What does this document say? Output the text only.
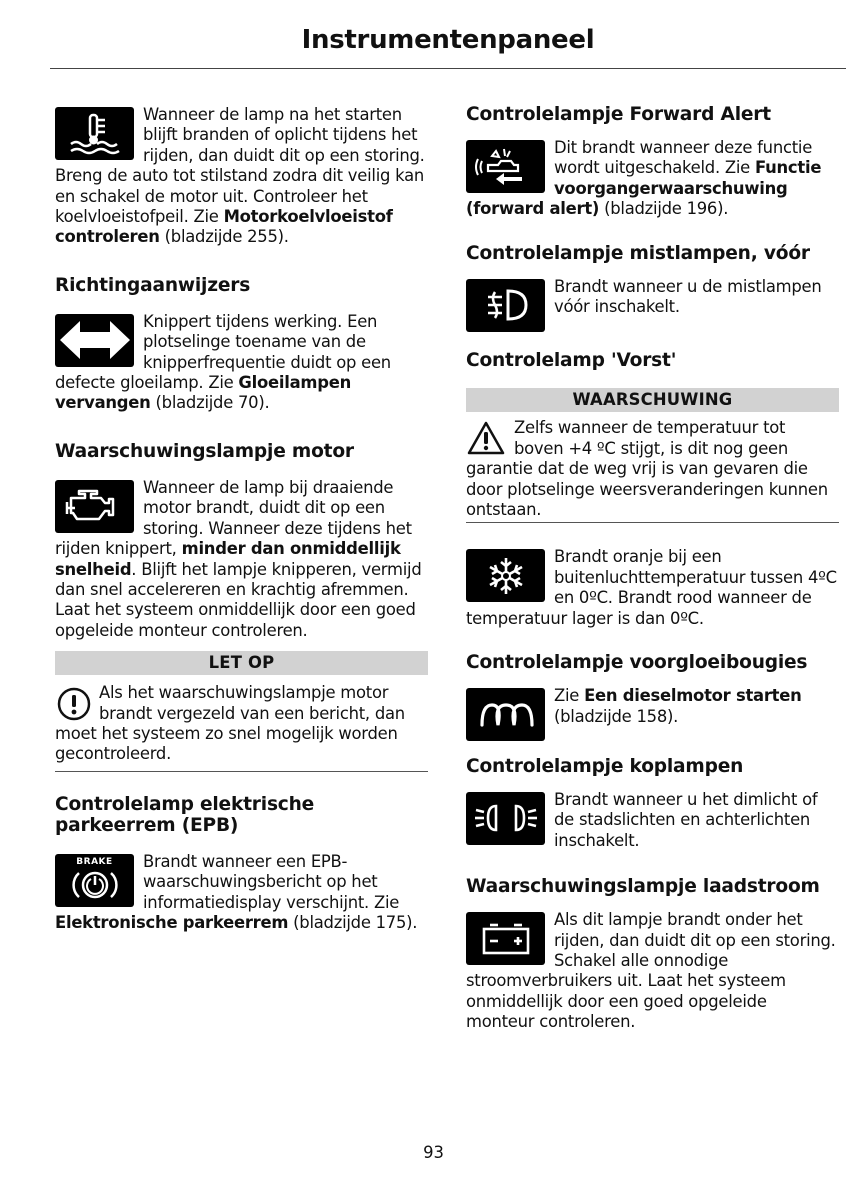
Instrumentenpaneel

Wanneer de lamp na het starten blijft branden of oplicht tijdens het rijden, dan duidt dit op een storing. Breng de auto tot stilstand zodra dit veilig kan en schakel de motor uit. Controleer het koelvloeistofpeil. Zie Motorkoelvloeistof controleren (bladzijde 255).

Richtingaanwijzers

Knippert tijdens werking. Een plotselinge toename van de knipperfrequentie duidt op een defecte gloeilamp. Zie Gloeilampen vervangen (bladzijde 70).

Waarschuwingslampje motor

Wanneer de lamp bij draaiende motor brandt, duidt dit op een storing. Wanneer deze tijdens het rijden knippert, minder dan onmiddellijk snelheid. Blijft het lampje knipperen, vermijd dan snel accelereren en krachtig afremmen. Laat het systeem onmiddellijk door een goed opgeleide monteur controleren.

LET OP

Als het waarschuwingslampje motor brandt vergezeld van een bericht, dan moet het systeem zo snel mogelijk worden gecontroleerd.

Controlelamp elektrische parkeerrem (EPB)
BRAKE	Brandt wanneer een EPB-waarschuwingsbericht op het informatiedisplay verschijnt. Zie Elektronische parkeerrem (bladzijde 175).

Controlelampje Forward Alert

Dit brandt wanneer deze functie wordt uitgeschakeld. Zie Functie voorgangerwaarschuwing (forward alert) (bladzijde 196).

Controlelampje mistlampen, vóór

Brandt wanneer u de mistlampen vóór inschakelt.

Controlelamp 'Vorst'
WAARSCHUWING

Zelfs wanneer de temperatuur tot boven +4 ºC stijgt, is dit nog geen garantie dat de weg vrij is van gevaren die door plotselinge weersveranderingen kunnen ontstaan.

Brandt oranje bij een buitenluchttemperatuur tussen 4ºC en 0ºC. Brandt rood wanneer de temperatuur lager is dan 0ºC.

Controlelampje voorgloeibougies

Zie Een dieselmotor starten (bladzijde 158).

Controlelampje koplampen

Brandt wanneer u het dimlicht of de stadslichten en achterlichten inschakelt.

Waarschuwingslampje laadstroom

Als dit lampje brandt onder het rijden, dan duidt dit op een storing. Schakel alle onnodige stroomverbruikers uit. Laat het systeem onmiddellijk door een goed opgeleide monteur controleren.

93
